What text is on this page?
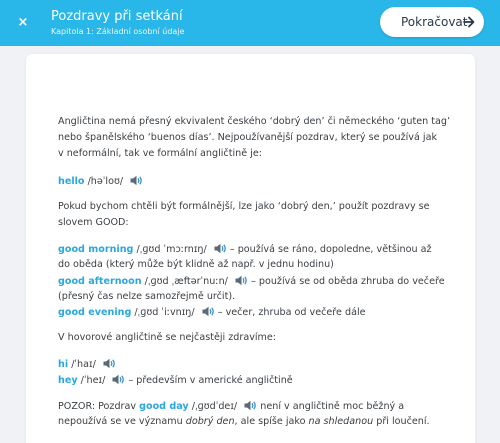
× Pozdravy při setkání
Kapitola 1: Základní osobní údaje
Pokračovat
Angličtina nemá přesný ekvivalent českého ‘dobrý den’ či německého ‘guten tag’
nebo španělského ‘buenos días’. Nejpoužívanější pozdrav, který se používá jak
v neformální, tak ve formální angličtině je:
hello /həˈloʊ/
Pokud bychom chtěli být formálnější, lze jako ‘dobrý den,’ použít pozdravy se
slovem GOOD:
good morning /ˌɡʊd ˈmɔːrnɪŋ/ – používá se ráno, dopoledne, většinou až
do oběda (který může být klidně až např. v jednu hodinu)
good afternoon /ˌɡʊd ˌæftərˈnuːn/ – používá se od oběda zhruba do večeře
(přesný čas nelze samozřejmě určit).
good evening /ˌɡʊd ˈiːvnɪŋ/ – večer, zhruba od večeře dále
V hovorové angličtině se nejčastěji zdravíme:
hi /ˈhaɪ/
hey /ˈheɪ/ – především v americké angličtině
POZOR: Pozdrav good day /ˌɡʊdˈdeɪ/ není v angličtině moc běžný a
nepoužívá se ve významu dobrý den, ale spíše jako na shledanou při loučení.
